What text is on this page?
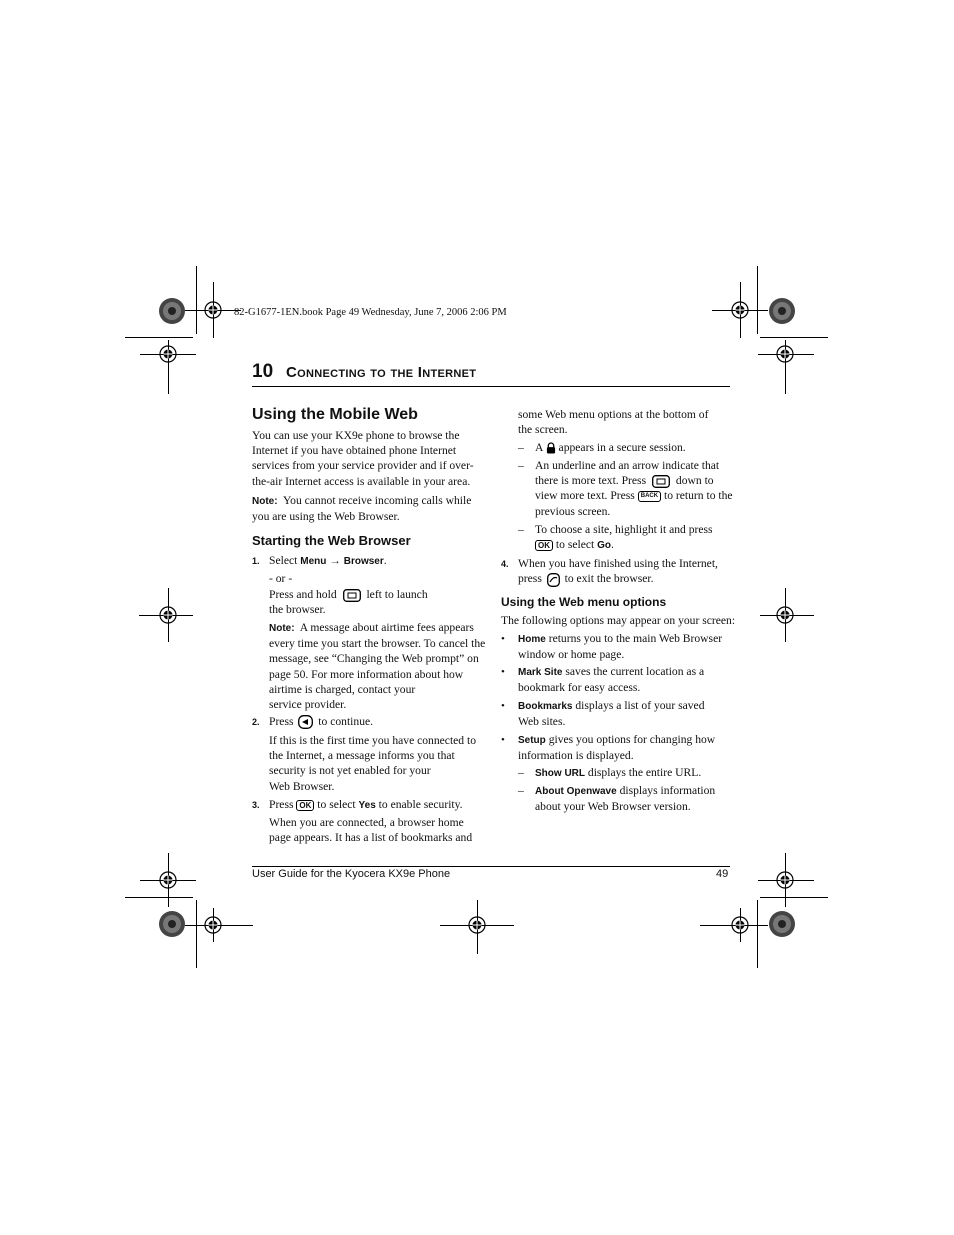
82-G1677-1EN.book Page 49 Wednesday, June 7, 2006 2:06 PM
10 Connecting to the Internet
Using the Mobile Web
You can use your KX9e phone to browse the
Internet if you have obtained phone Internet
services from your service provider and if over-
the-air Internet access is available in your area.
Note: You cannot receive incoming calls while
you are using the Web Browser.
Starting the Web Browser
1. Select Menu → Browser.
- or -
Press and hold	left to launch
the browser.
Note: A message about airtime fees appears
every time you start the browser. To cancel the
message, see “Changing the Web prompt” on
page 50. For more information about how
airtime is charged, contact your
service provider.
2. Press to continue.
If this is the first time you have connected to
the Internet, a message informs you that
security is not yet enabled for your
Web Browser.
3. Press OK to select Yes to enable security.
When you are connected, a browser home
page appears. It has a list of bookmarks and
some Web menu options at the bottom of
the screen.
– A appears in a secure session.
– An underline and an arrow indicate that
there is more text. Press	down to
view more text. Press BACK to return to the
previous screen.
– To choose a site, highlight it and press
OK to select Go.
4. When you have finished using the Internet,
press to exit the browser.
Using the Web menu options
The following options may appear on your screen:
• Home returns you to the main Web Browser
window or home page.
• Mark Site saves the current location as a
bookmark for easy access.
• Bookmarks displays a list of your saved
Web sites.
• Setup gives you options for changing how
information is displayed.
– Show URL displays the entire URL.
– About Openwave displays information
about your Web Browser version.
User Guide for the Kyocera KX9e Phone	49
